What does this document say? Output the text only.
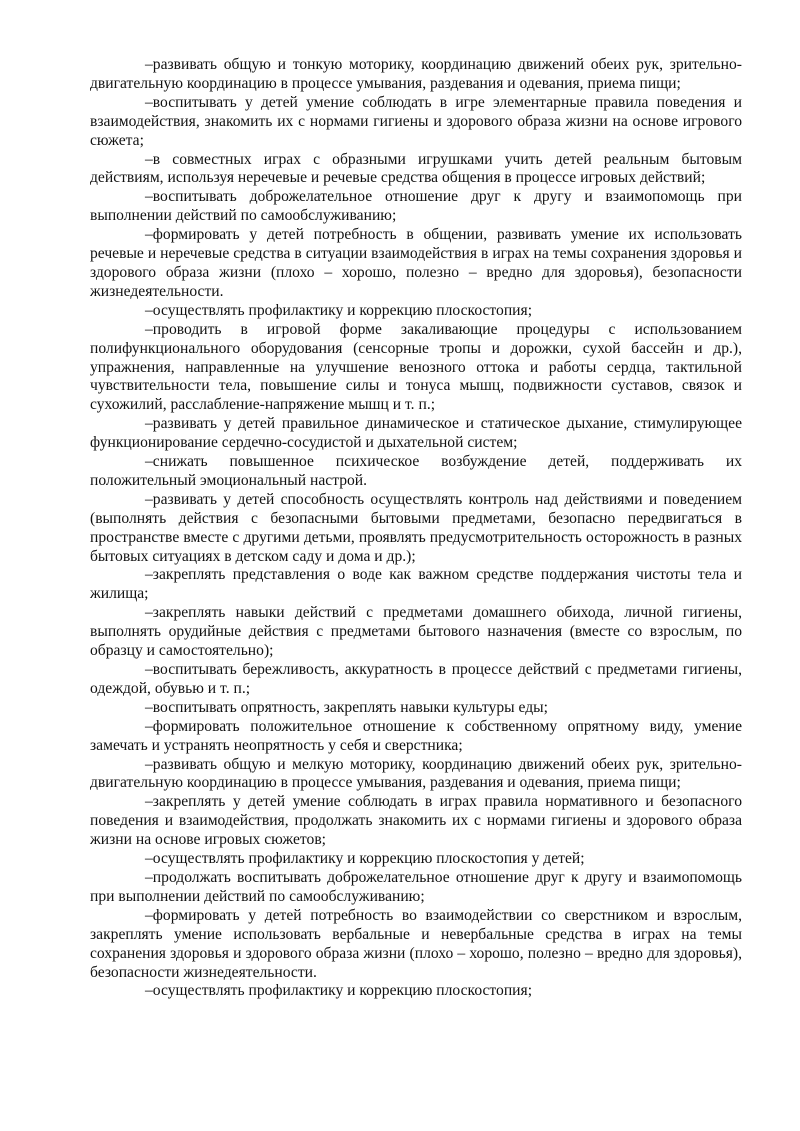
–развивать общую и тонкую моторику, координацию движений обеих рук, зрительно-двигательную координацию в процессе умывания, раздевания и одевания, приема пищи;

–воспитывать у детей умение соблюдать в игре элементарные правила поведения и взаимодействия, знакомить их с нормами гигиены и здорового образа жизни на основе игрового сюжета;

–в совместных играх с образными игрушками учить детей реальным бытовым действиям, используя неречевые и речевые средства общения в процессе игровых действий;

–воспитывать доброжелательное отношение друг к другу и взаимопомощь при выполнении действий по самообслуживанию;

–формировать у детей потребность в общении, развивать умение их использовать речевые и неречевые средства в ситуации взаимодействия в играх на темы сохранения здоровья и здорового образа жизни (плохо – хорошо, полезно – вредно для здоровья), безопасности жизнедеятельности.

–осуществлять профилактику и коррекцию плоскостопия;

–проводить в игровой форме закаливающие процедуры с использованием полифункционального оборудования (сенсорные тропы и дорожки, сухой бассейн и др.), упражнения, направленные на улучшение венозного оттока и работы сердца, тактильной чувствительности тела, повышение силы и тонуса мышц, подвижности суставов, связок и сухожилий, расслабление-напряжение мышц и т. п.;

–развивать у детей правильное динамическое и статическое дыхание, стимулирующее функционирование сердечно-сосудистой и дыхательной систем;

–снижать повышенное психическое возбуждение детей, поддерживать их положительный эмоциональный настрой.

–развивать у детей способность осуществлять контроль над действиями и поведением (выполнять действия с безопасными бытовыми предметами, безопасно передвигаться в пространстве вместе с другими детьми, проявлять предусмотрительность осторожность в разных бытовых ситуациях в детском саду и дома и др.);

–закреплять представления о воде как важном средстве поддержания чистоты тела и жилища;

–закреплять навыки действий с предметами домашнего обихода, личной гигиены, выполнять орудийные действия с предметами бытового назначения (вместе со взрослым, по образцу и самостоятельно);

–воспитывать бережливость, аккуратность в процессе действий с предметами гигиены, одеждой, обувью и т. п.;

–воспитывать опрятность, закреплять навыки культуры еды;

–формировать положительное отношение к собственному опрятному виду, умение замечать и устранять неопрятность у себя и сверстника;

–развивать общую и мелкую моторику, координацию движений обеих рук, зрительно-двигательную координацию в процессе умывания, раздевания и одевания, приема пищи;

–закреплять у детей умение соблюдать в играх правила нормативного и безопасного поведения и взаимодействия, продолжать знакомить их с нормами гигиены и здорового образа жизни на основе игровых сюжетов;

–осуществлять профилактику и коррекцию плоскостопия у детей;

–продолжать воспитывать доброжелательное отношение друг к другу и взаимопомощь при выполнении действий по самообслуживанию;

–формировать у детей потребность во взаимодействии со сверстником и взрослым, закреплять умение использовать вербальные и невербальные средства в играх на темы сохранения здоровья и здорового образа жизни (плохо – хорошо, полезно – вредно для здоровья), безопасности жизнедеятельности.

–осуществлять профилактику и коррекцию плоскостопия;
